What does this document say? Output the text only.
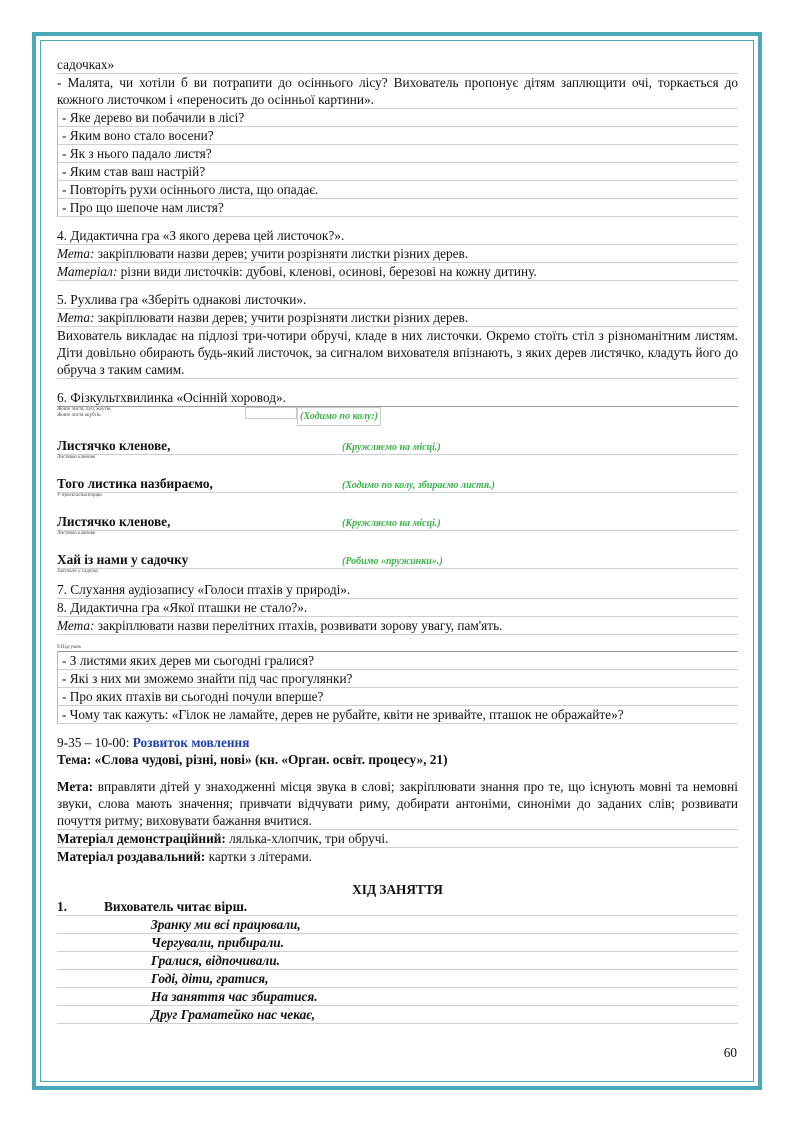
садочках»
- Малята, чи хотіли б ви потрапити до осіннього лісу? Вихователь пропонує дітям заплющити очі, торкається до кожного листочком і «переносить до осінньої картини».
- Яке дерево ви побачили в лісі?
- Яким воно стало восени?
- Як з нього падало листя?
- Яким став ваш настрій?
- Повторіть рухи осіннього листа, що опадає.
- Про що шепоче нам листя?
4. Дидактична гра «З якого дерева цей листочок?».
Мета: закріплювати назви дерев; учити розрізняти листки різних дерев.
Матеріал: різни види листочків: дубові, кленові, осинові, березові на кожну дитину.
5. Рухлива гра «Зберіть однакові листочки».
Мета: закріплювати назви дерев; учити розрізняти листки різних дерев.
Вихователь викладає на підлозі три-чотири обручі, кладе в них листочки. Окремо стоїть стіл з різноманітним листям. Діти довільно обирають будь-який листочок, за сигналом вихователя впізнають, з яких дерев листячко, кладуть його до обруча з таким самим.
6. Фізкультхвилинка «Осінній хоровод».
Жовте листя, пуп, жоутю,
Жовте листя ацубтік.	(Ходимо по колу:)
Листячко кленове,	(Кружляємо на місці.)
Листячко кленове
Того листика назбираємо,	(Ходимо по колу, збираємо листя.)
У проєктаспаспорцю
Листячко кленове,	(Кружляємо на місці.)
Листячко кленове
Хай із нами у садочку	(Робимо «пружинки».)
Залучали у садочку
7. Слухання аудіозапису «Голоси птахів у природі».
8. Дидактична гра «Якої пташки не стало?».
Мета: закріплювати назви перелітних птахів, розвивати зорову увагу, пам'ять.
9.Підсумок
- З листями яких дерев ми сьогодні гралися?
- Які з них ми зможемо знайти під час прогулянки?
- Про яких птахів ви сьогодні почули вперше?
- Чому так кажуть: «Гілок не ламайте, дерев не рубайте, квіти не зривайте, пташок не ображайте»?
9-35 – 10-00: Розвиток мовлення
Тема: «Слова чудові, різні, нові» (кн. «Орган. освіт. процесу», 21)
Мета: вправляти дітей у знаходженні місця звука в слові; закріплювати знання про те, що існують мовні та немовні звуки, слова мають значення; привчати відчувати риму, добирати антоніми, синоніми до заданих слів; розвивати почуття ритму; виховувати бажання вчитися.
Матеріал демонстраційний: лялька-хлопчик, три обручі.
Матеріал роздавальний: картки з літерами.
ХІД ЗАНЯТТЯ
1.	Вихователь читає вірш.
Зранку ми всі працювали,
Чергували, прибирали.
Гралися, відпочивали.
Годі, діти, гратися,
На заняття час збиратися.
Друг Граматейко нас чекає,
60
